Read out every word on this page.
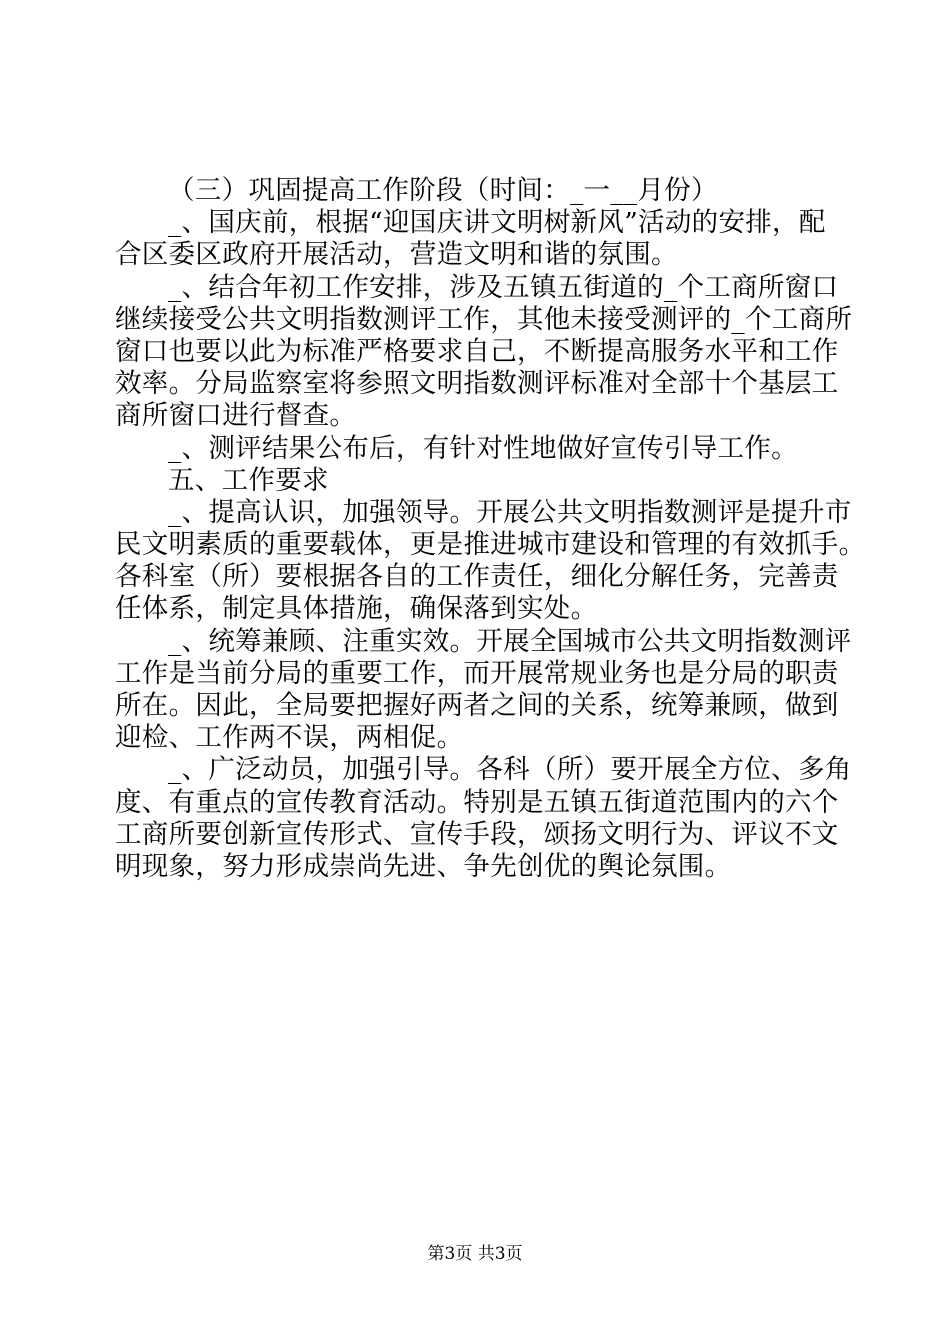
（三）巩固提高工作阶段（时间：_一__月份）
_、国庆前，根据“迎国庆讲文明树新风”活动的安排，配
合区委区政府开展活动，营造文明和谐的氛围。
_、结合年初工作安排，涉及五镇五街道的_个工商所窗口
继续接受公共文明指数测评工作，其他未接受测评的_个工商所
窗口也要以此为标准严格要求自己，不断提高服务水平和工作
效率。分局监察室将参照文明指数测评标准对全部十个基层工
商所窗口进行督查。
_、测评结果公布后，有针对性地做好宣传引导工作。
五、工作要求
_、提高认识，加强领导。开展公共文明指数测评是提升市
民文明素质的重要载体，更是推进城市建设和管理的有效抓手。
各科室（所）要根据各自的工作责任，细化分解任务，完善责
任体系，制定具体措施，确保落到实处。
_、统筹兼顾、注重实效。开展全国城市公共文明指数测评
工作是当前分局的重要工作，而开展常规业务也是分局的职责
所在。因此，全局要把握好两者之间的关系，统筹兼顾，做到
迎检、工作两不误，两相促。
_、广泛动员，加强引导。各科（所）要开展全方位、多角
度、有重点的宣传教育活动。特别是五镇五街道范围内的六个
工商所要创新宣传形式、宣传手段，颂扬文明行为、评议不文
明现象，努力形成崇尚先进、争先创优的舆论氛围。
第3页 共3页
